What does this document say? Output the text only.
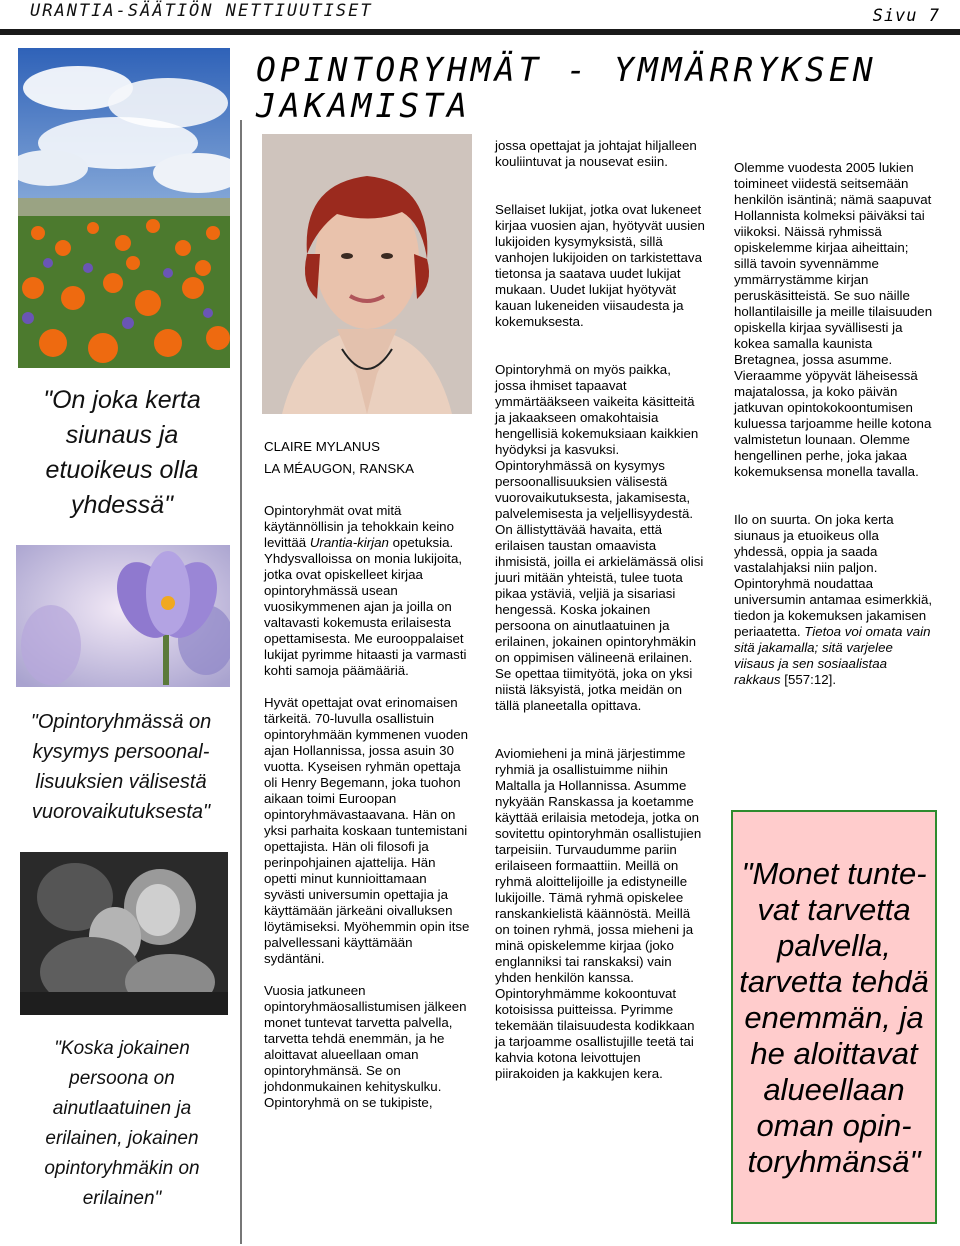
URANTIA-SÄÄTIÖN NETTIUUTISET	Sivu 7
OPINTORYHMÄT - YMMÄRRYKSEN JAKAMISTA
"On joka kerta siunaus ja etuoikeus olla yhdessä"
"Opintoryhmässä on kysymys persoonal-lisuuksien välisestä vuorovaikutuksesta"
"Koska jokainen persoona on ainutlaatuinen ja erilainen, jokainen opintoryhmäkin on erilainen"
CLAIRE MYLANUS
LA MÉAUGON, RANSKA

Opintoryhmät ovat mitä käytännöllisin ja tehokkain keino levittää Urantia-kirjan opetuksia. Yhdysvalloissa on monia lukijoita, jotka ovat opiskelleet kirjaa opintoryhmässä usean vuosikymmenen ajan ja joilla on valtavasti kokemusta erilaisesta opettamisesta. Me eurooppalaiset lukijat pyrimme hitaasti ja varmasti kohti samoja päämääriä.

Hyvät opettajat ovat erinomaisen tärkeitä. 70-luvulla osallistuin opintoryhmään kymmenen vuoden ajan Hollannissa, jossa asuin 30 vuotta. Kyseisen ryhmän opettaja oli Henry Begemann, joka tuohon aikaan toimi Euroopan opintoryhmävastaavana. Hän on yksi parhaita koskaan tuntemistani opettajista. Hän oli filosofi ja perinpohjainen ajattelija. Hän opetti minut kunnioittamaan syvästi universumin opettajia ja käyttämään järkeäni oivalluksen löytämiseksi. Myöhemmin opin itse palvellessani käyttämään sydäntäni.

Vuosia jatkuneen opintoryhmäosallistumisen jälkeen monet tuntevat tarvetta palvella, tarvetta tehdä enemmän, ja he aloittavat alueellaan oman opintoryhmänsä. Se on johdonmukainen kehityskulku. Opintoryhmä on se tukipiste,

jossa opettajat ja johtajat hiljalleen kouliintuvat ja nousevat esiin.

Sellaiset lukijat, jotka ovat lukeneet kirjaa vuosien ajan, hyötyvät uusien lukijoiden kysymyksistä, sillä vanhojen lukijoiden on tarkistettava tietonsa ja saatava uudet lukijat mukaan. Uudet lukijat hyötyvät kauan lukeneiden viisaudesta ja kokemuksesta.

Opintoryhmä on myös paikka, jossa ihmiset tapaavat ymmärtääkseen vaikeita käsitteitä ja jakaakseen omakohtaisia hengellisiä kokemuksiaan kaikkien hyödyksi ja kasvuksi. Opintoryhmässä on kysymys persoonallisuuksien välisestä vuorovaikutuksesta, jakamisesta, palvelemisesta ja veljellisyydestä. On ällistyttävää havaita, että erilaisen taustan omaavista ihmisistä, joilla ei arkielämässä olisi juuri mitään yhteistä, tulee tuota pikaa ystäviä, veljiä ja sisariasi hengessä. Koska jokainen persoona on ainutlaatuinen ja erilainen, jokainen opintoryhmäkin on oppimisen välineenä erilainen. Se opettaa tiimityötä, joka on yksi niistä läksyistä, jotka meidän on tällä planeetalla opittava.

Aviomieheni ja minä järjestimme ryhmiä ja osallistuimme niihin Maltalla ja Hollannissa. Asumme nykyään Ranskassa ja koetamme käyttää erilaisia metodeja, jotka on sovitettu opintoryhmän osallistujien tarpeisiin. Turvaudumme pariin erilaiseen formaattiin. Meillä on ryhmä aloittelijoille ja edistyneille lukijoille. Tämä ryhmä opiskelee ranskankielistä käännöstä. Meillä on toinen ryhmä, jossa mieheni ja minä opiskelemme kirjaa (joko englanniksi tai ranskaksi) vain yhden henkilön kanssa. Opintoryhmämme kokoontuvat kotoisissa puitteissa. Pyrimme tekemään tilaisuudesta kodikkaan ja tarjoamme osallistujille teetä tai kahvia kotona leivottujen piirakoiden ja kakkujen kera.

Olemme vuodesta 2005 lukien toimineet viidestä seitsemään henkilön isäntinä; nämä saapuvat Hollannista kolmeksi päiväksi tai viikoksi. Näissä ryhmissä opiskelemme kirjaa aiheittain; sillä tavoin syvennämme ymmärrystämme kirjan peruskäsitteistä. Se suo näille hollantilaisille ja meille tilaisuuden opiskella kirjaa syvällisesti ja kokea samalla kaunista Bretagnea, jossa asumme. Vieraamme yöpyvät läheisessä majatalossa, ja koko päivän jatkuvan opintokokoontumisen kuluessa tarjoamme heille kotona valmistetun lounaan. Olemme hengellinen perhe, joka jakaa kokemuksensa monella tavalla.

Ilo on suurta. On joka kerta siunaus ja etuoikeus olla yhdessä, oppia ja saada vastalahjaksi niin paljon. Opintoryhmä noudattaa universumin antamaa esimerkkiä, tiedon ja kokemuksen jakamisen periaatetta. Tietoa voi omata vain sitä jakamalla; sitä varjelee viisaus ja sen sosiaalistaa rakkaus [557:12].

"Monet tunte-vat tarvetta palvella, tarvetta tehdä enemmän, ja he aloittavat alueellaan oman opin-toryhmänsä"
